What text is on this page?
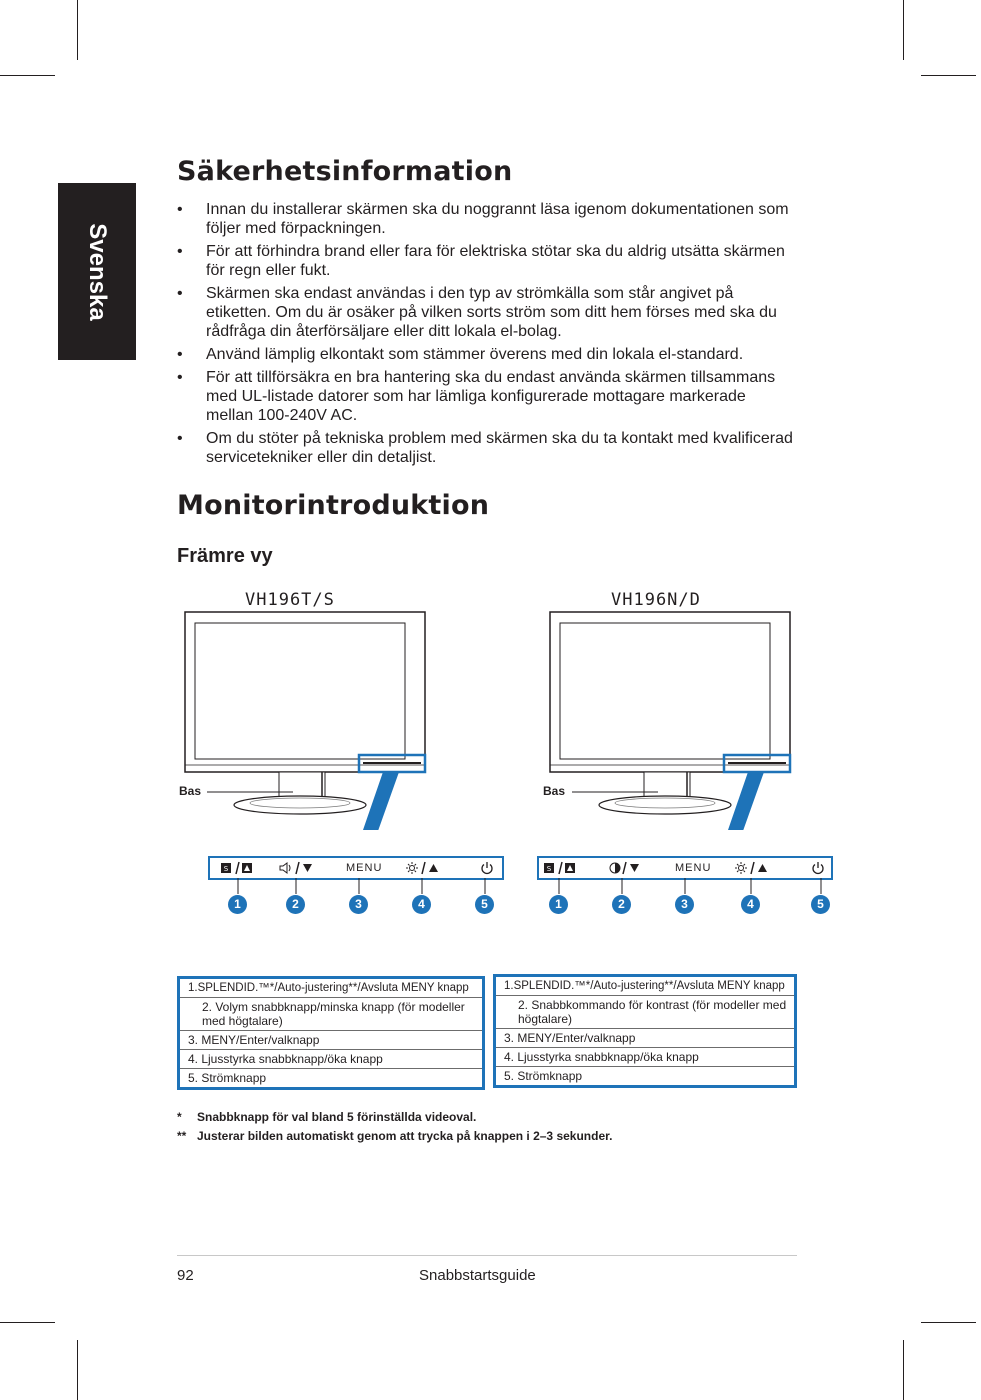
Svenska
Säkerhetsinformation
• Innan du installerar skärmen ska du noggrannt läsa igenom dokumentationen som följer med förpackningen.
• För att förhindra brand eller fara för elektriska stötar ska du aldrig utsätta skärmen för regn eller fukt.
• Skärmen ska endast användas i den typ av strömkälla som står angivet på etiketten. Om du är osäker på vilken sorts ström som ditt hem förses med ska du rådfråga din återförsäljare eller ditt lokala el-bolag.
• Använd lämplig elkontakt som stämmer överens med din lokala el-standard.
• För att tillförsäkra en bra hantering ska du endast använda skärmen tillsammans med UL-listade datorer som har lämliga konfigurerade mottagare markerade mellan 100-240V AC.
• Om du stöter på tekniska problem med skärmen ska du ta kontakt med kvalificerad servicetekniker eller din detaljist.
Monitorintroduktion
Främre vy
VH196T/S	VH196N/D
Bas	Bas
S	MENU
1	2	3	4	5
S	MENU
1	2	3	4	5
1.SPLENDID.™*/Auto-justering**/Avsluta MENY knapp
2. Volym snabbknapp/minska knapp (för modeller med högtalare)
3. MENY/Enter/valknapp
4. Ljusstyrka snabbknapp/öka knapp
5. Strömknapp
1.SPLENDID.™*/Auto-justering**/Avsluta MENY knapp
2. Snabbkommando för kontrast (för modeller med högtalare)
3. MENY/Enter/valknapp
4. Ljusstyrka snabbknapp/öka knapp
5. Strömknapp
* Snabbknapp för val bland 5 förinställda videoval.
** Justerar bilden automatiskt genom att trycka på knappen i 2–3 sekunder.
92	Snabbstartsguide
